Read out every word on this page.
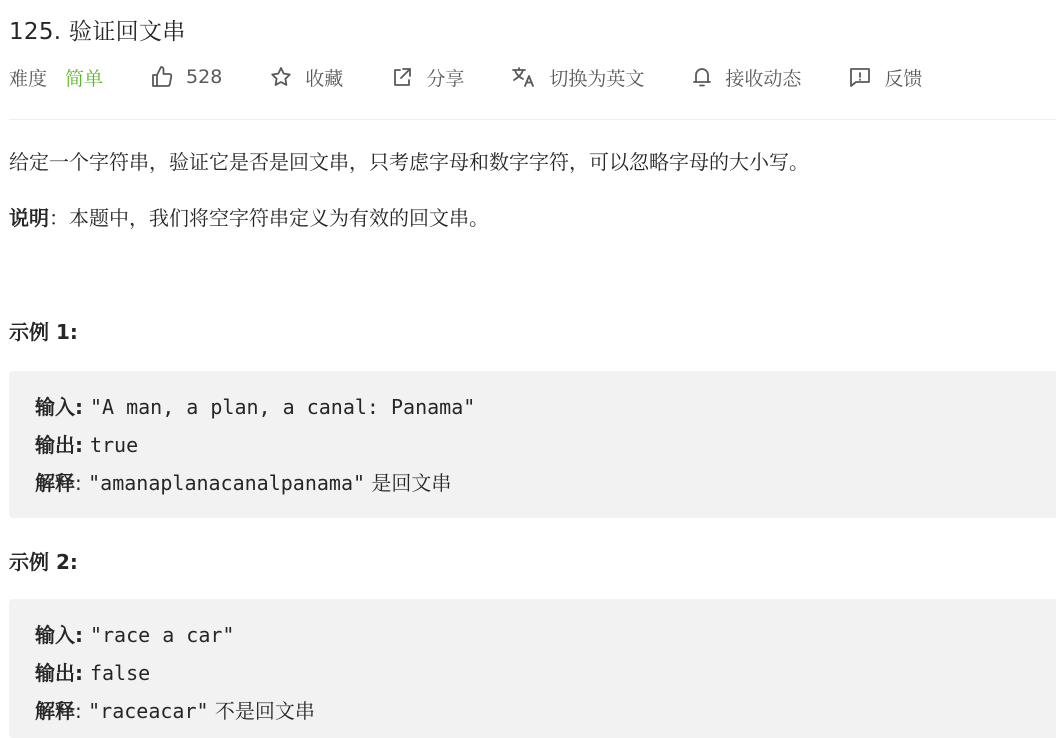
125. 验证回文串
难度 简单	528	收藏	分享	切换为英文	接收动态	反馈
给定一个字符串，验证它是否是回文串，只考虑字母和数字字符，可以忽略字母的大小写。
说明：本题中，我们将空字符串定义为有效的回文串。
示例 1:
输入: "A man, a plan, a canal: Panama"
输出: true
解释: "amanaplanacanalpanama" 是回文串
示例 2:
输入: "race a car"
输出: false
解释: "raceacar" 不是回文串
